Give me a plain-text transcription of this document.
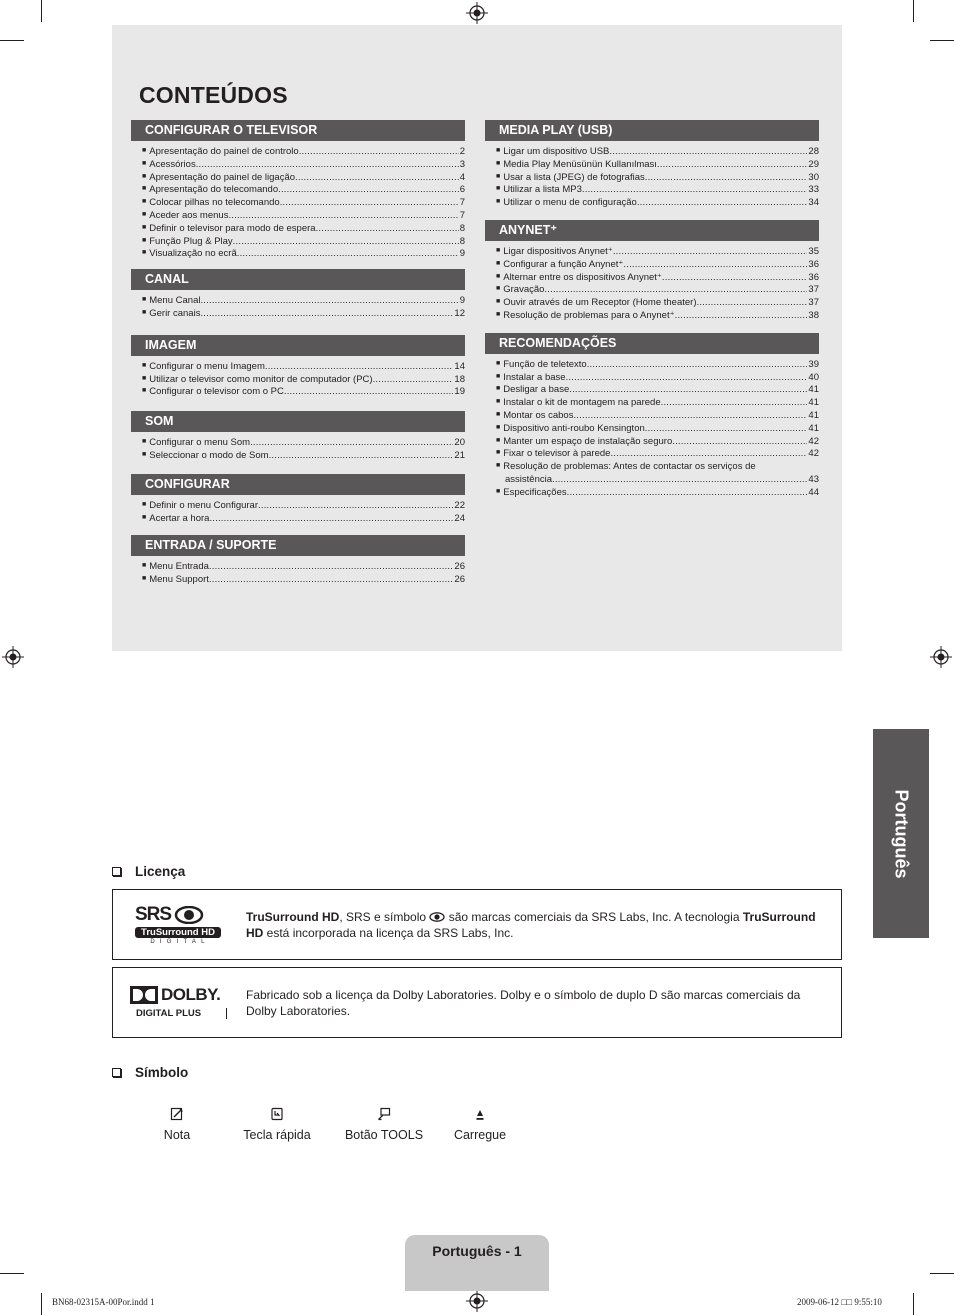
CONTEÚDOS
CONFIGURAR O TELEVISOR
■ Apresentação do painel de controlo .....	2
■ Acessórios .....	3
■ Apresentação do painel de ligação .....	4
■ Apresentação do telecomando .....	6
■ Colocar pilhas no telecomando .....	7
■ Aceder aos menus .....	7
■ Definir o televisor para modo de espera .....	8
■ Função Plug & Play .....	8
■ Visualização no ecrã .....	9
CANAL
■ Menu Canal .....	9
■ Gerir canais .....	12
IMAGEM
■ Configurar o menu Imagem .....	14
■ Utilizar o televisor como monitor de computador (PC) .....	18
■ Configurar o televisor com o PC .....	19
SOM
■ Configurar o menu Som .....	20
■ Seleccionar o modo de Som .....	21
CONFIGURAR
■ Definir o menu Configurar .....	22
■ Acertar a hora .....	24
ENTRADA / SUPORTE
■ Menu Entrada .....	26
■ Menu Support .....	26
MEDIA PLAY (USB)
■ Ligar um dispositivo USB .....	28
■ Media Play Menüsünün Kullanılması .....	29
■ Usar a lista (JPEG) de fotografias .....	30
■ Utilizar a lista MP3 .....	33
■ Utilizar o menu de configuração .....	34
ANYNET⁺
■ Ligar dispositivos Anynet⁺ .....	35
■ Configurar a função Anynet⁺ .....	36
■ Alternar entre os dispositivos Anynet⁺ .....	36
■ Gravação .....	37
■ Ouvir através de um Receptor (Home theater) .....	37
■ Resolução de problemas para o Anynet⁺ .....	38
RECOMENDAÇÕES
■ Função de teletexto .....	39
■ Instalar a base .....	40
■ Desligar a base .....	41
■ Instalar o kit de montagem na parede .....	41
■ Montar os cabos .....	41
■ Dispositivo anti-roubo Kensington .....	41
■ Manter um espaço de instalação seguro .....	42
■ Fixar o televisor à parede .....	42
■ Resolução de problemas: Antes de contactar os serviços de
assistência .....	43
■ Especificações .....	44
Português
Licença
SRS
TruSurround HD
DIGITAL
TruSurround HD, SRS e símbolo  são marcas comerciais da SRS Labs, Inc. A tecnologia TruSurround HD está incorporada na licença da SRS Labs, Inc.
DOLBY.
DIGITAL PLUS
Fabricado sob a licença da Dolby Laboratories. Dolby e o símbolo de duplo D são marcas comerciais da Dolby Laboratories.
Símbolo
Nota	Tecla rápida	Botão TOOLS	Carregue
Português - 1
BN68-02315A-00Por.indd 1	2009-06-12 □□ 9:55:10
